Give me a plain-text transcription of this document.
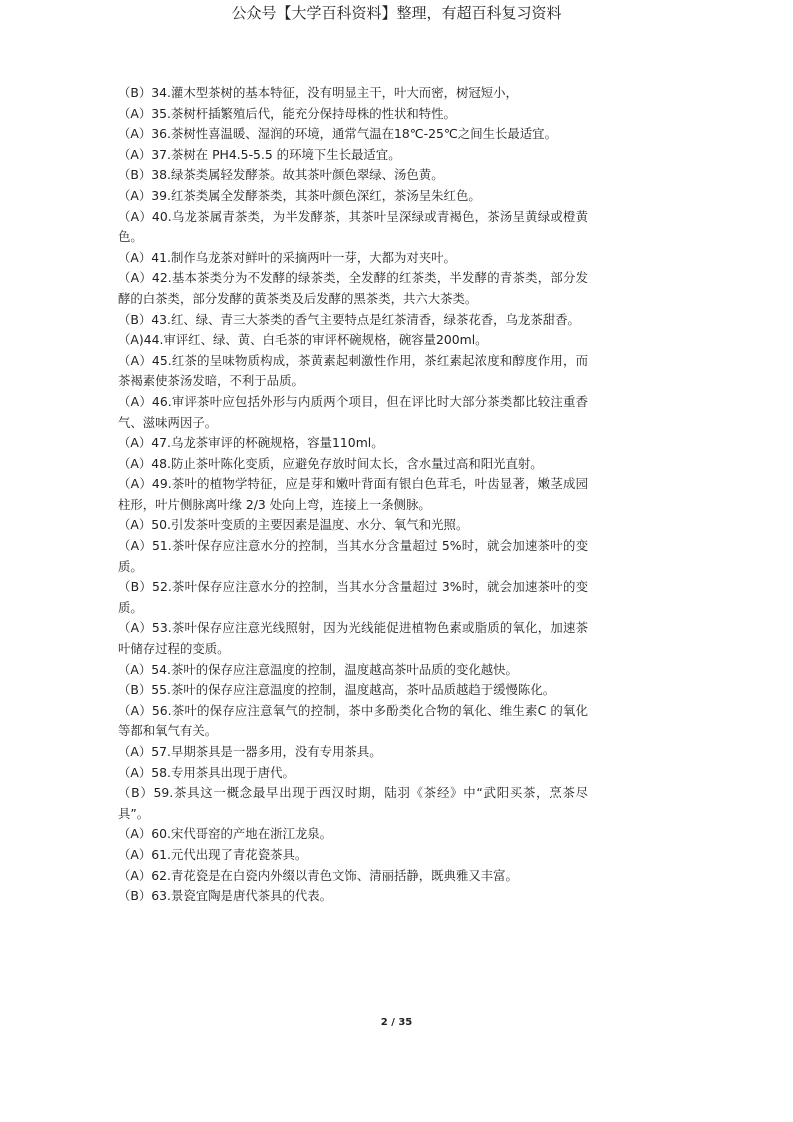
公众号【大学百科资料】整理，有超百科复习资料

（B）34.灌木型茶树的基本特征，没有明显主干，叶大而密，树冠短小，

（A）35.茶树杆插繁殖后代，能充分保持母株的性状和特性。

（A）36.茶树性喜温暖、湿润的环境，通常气温在18℃-25℃之间生长最适宜。

（A）37.茶树在 PH4.5-5.5 的环境下生长最适宜。

（B）38.绿茶类属轻发酵茶。故其茶叶颜色翠绿、汤色黄。

（A）39.红茶类属全发酵茶类，其茶叶颜色深红，茶汤呈朱红色。

（A）40.乌龙茶属青茶类，为半发酵茶，其茶叶呈深绿或青褐色，茶汤呈黄绿或橙黄色。

（A）41.制作乌龙茶对鲜叶的采摘两叶一芽，大都为对夹叶。

（A）42.基本茶类分为不发酵的绿茶类，全发酵的红茶类，半发酵的青茶类，部分发酵的白茶类，部分发酵的黄茶类及后发酵的黑茶类，共六大茶类。

（B）43.红、绿、青三大茶类的香气主要特点是红茶清香，绿茶花香，乌龙茶甜香。

（A)44.审评红、绿、黄、白毛茶的审评杯碗规格，碗容量200ml。

（A）45.红茶的呈味物质构成，茶黄素起刺激性作用，茶红素起浓度和醇度作用，而茶褐素使茶汤发暗，不利于品质。

（A）46.审评茶叶应包括外形与内质两个项目，但在评比时大部分茶类都比较注重香气、滋味两因子。

（A）47.乌龙茶审评的杯碗规格，容量110ml。

（A）48.防止茶叶陈化变质，应避免存放时间太长，含水量过高和阳光直射。

（A）49.茶叶的植物学特征，应是芽和嫩叶背面有银白色茸毛，叶齿显著，嫩茎成园柱形，叶片侧脉离叶缘 2/3 处向上弯，连接上一条侧脉。

（A）50.引发茶叶变质的主要因素是温度、水分、氧气和光照。

（A）51.茶叶保存应注意水分的控制，当其水分含量超过 5%时，就会加速茶叶的变质。

（B）52.茶叶保存应注意水分的控制，当其水分含量超过 3%时，就会加速茶叶的变质。

（A）53.茶叶保存应注意光线照射，因为光线能促进植物色素或脂质的氧化，加速茶叶储存过程的变质。

（A）54.茶叶的保存应注意温度的控制，温度越高茶叶品质的变化越快。

（B）55.茶叶的保存应注意温度的控制，温度越高，茶叶品质越趋于缓慢陈化。

（A）56.茶叶的保存应注意氧气的控制，茶中多酚类化合物的氧化、维生素C 的氧化等都和氧气有关。

（A）57.早期茶具是一器多用，没有专用茶具。

（A）58.专用茶具出现于唐代。

（B）59.茶具这一概念最早出现于西汉时期，陆羽《茶经》中“武阳买茶，烹茶尽具”。

（A）60.宋代哥窑的产地在浙江龙泉。

（A）61.元代出现了青花瓷茶具。

（A）62.青花瓷是在白瓷内外缀以青色文饰、清丽括静，既典雅又丰富。

（B）63.景瓷宜陶是唐代茶具的代表。

2 / 35
